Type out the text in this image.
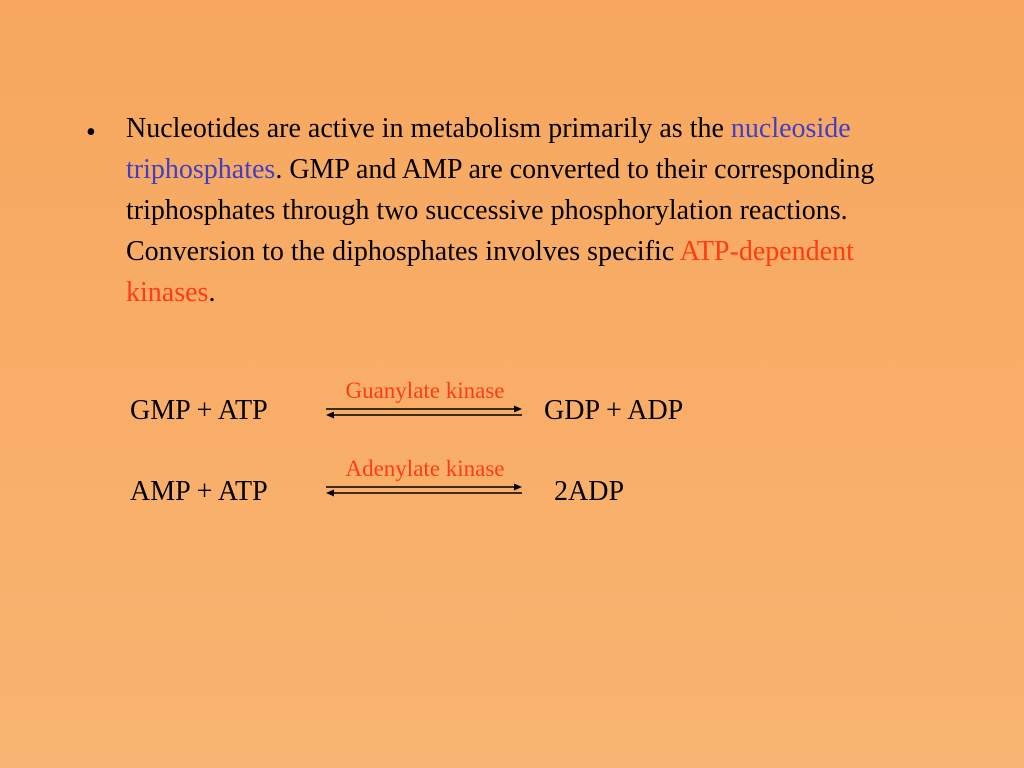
• Nucleotides are active in metabolism primarily as the nucleoside triphosphates. GMP and AMP are converted to their corresponding triphosphates through two successive phosphorylation reactions. Conversion to the diphosphates involves specific ATP-dependent kinases.
Guanylate kinase
GMP + ATP	GDP + ADP
Adenylate kinase
AMP + ATP	2ADP
